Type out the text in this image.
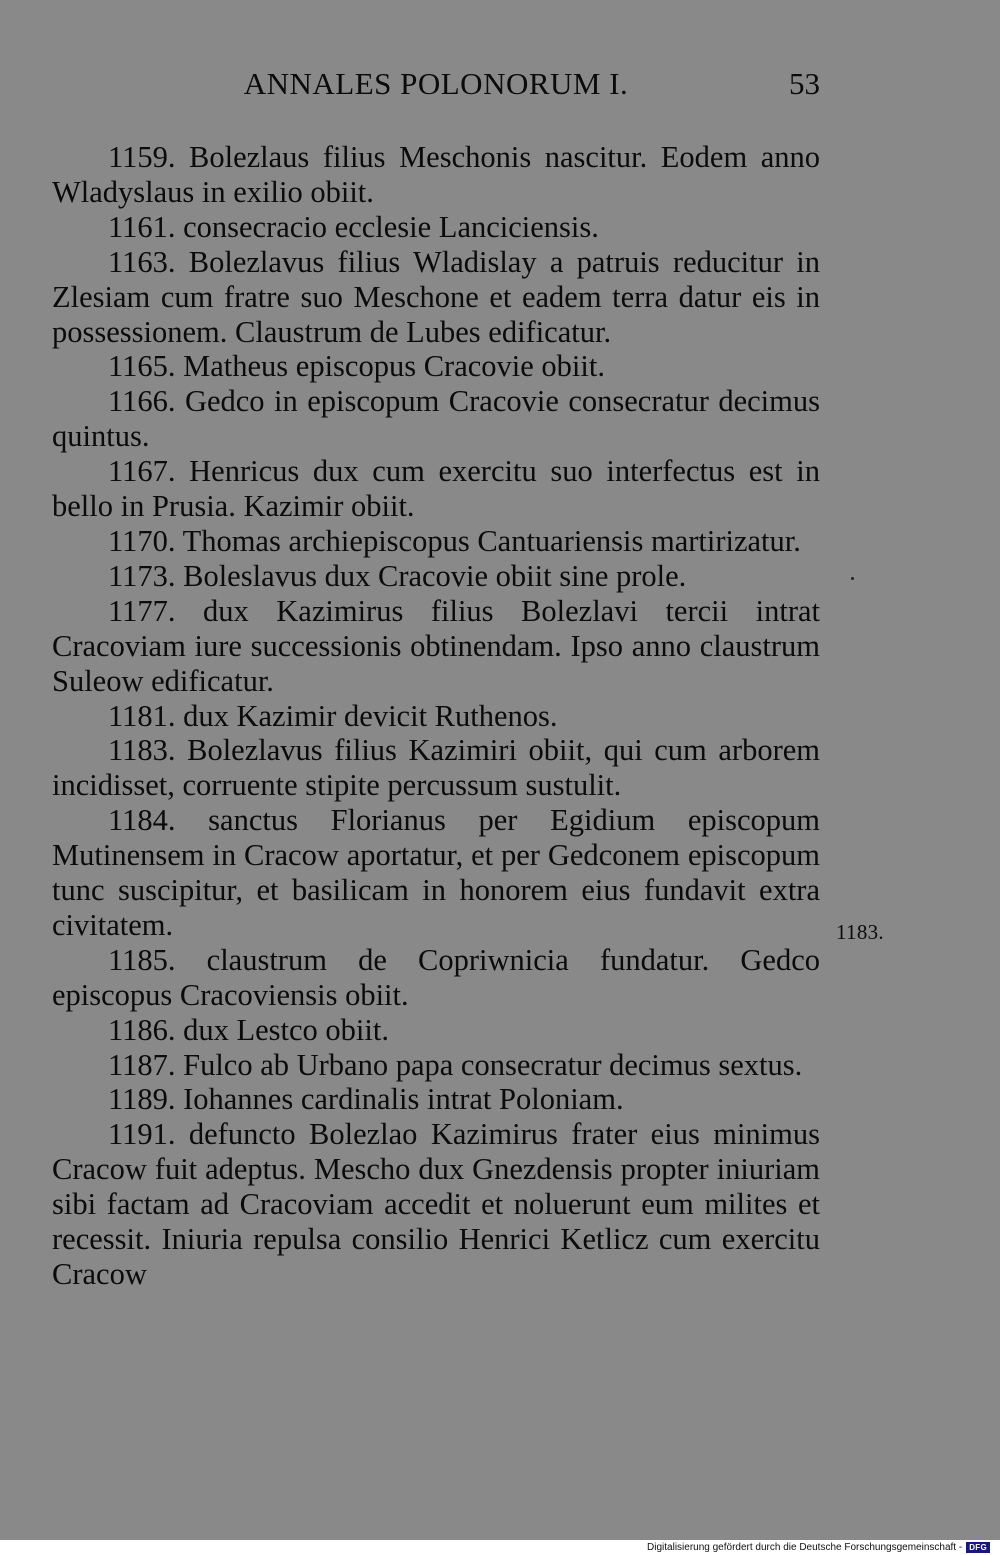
ANNALES POLONORUM I.	53

1159. Bolezlaus filius Meschonis nascitur. Eodem anno Wladyslaus in exilio obiit.

1161. consecracio ecclesie Lanciciensis.

1163. Bolezlavus filius Wladislay a patruis reducitur in Zlesiam cum fratre suo Meschone et eadem terra datur eis in possessionem. Claustrum de Lubes edificatur.

1165. Matheus episcopus Cracovie obiit.

1166. Gedco in episcopum Cracovie consecratur decimus quintus.

1167. Henricus dux cum exercitu suo interfectus est in bello in Prusia. Kazimir obiit.

1170. Thomas archiepiscopus Cantuariensis martirizatur.

1173. Boleslavus dux Cracovie obiit sine prole.

1177. dux Kazimirus filius Bolezlavi tercii intrat Cracoviam iure successionis obtinendam. Ipso anno claustrum Suleow edificatur.

1181. dux Kazimir devicit Ruthenos.

1183. Bolezlavus filius Kazimiri obiit, qui cum arborem incidisset, corruente stipite percussum sustulit.

1184. sanctus Florianus per Egidium episcopum Mutinensem in Cracow aportatur, et per Gedconem episcopum tunc suscipitur, et basilicam in honorem eius fundavit extra civitatem.

1185. claustrum de Copriwnicia fundatur. Gedco episcopus Cracoviensis obiit.

1186. dux Lestco obiit.

1187. Fulco ab Urbano papa consecratur decimus sextus.

1189. Iohannes cardinalis intrat Poloniam.

1191. defuncto Bolezlao Kazimirus frater eius minimus Cracow fuit adeptus. Mescho dux Gnezdensis propter iniuriam sibi factam ad Cracoviam accedit et noluerunt eum milites et recessit. Iniuria repulsa consilio Henrici Ketlicz cum exercitu Cracow

1183.
Digitalisierung gefördert durch die Deutsche Forschungsgemeinschaft - DFG
